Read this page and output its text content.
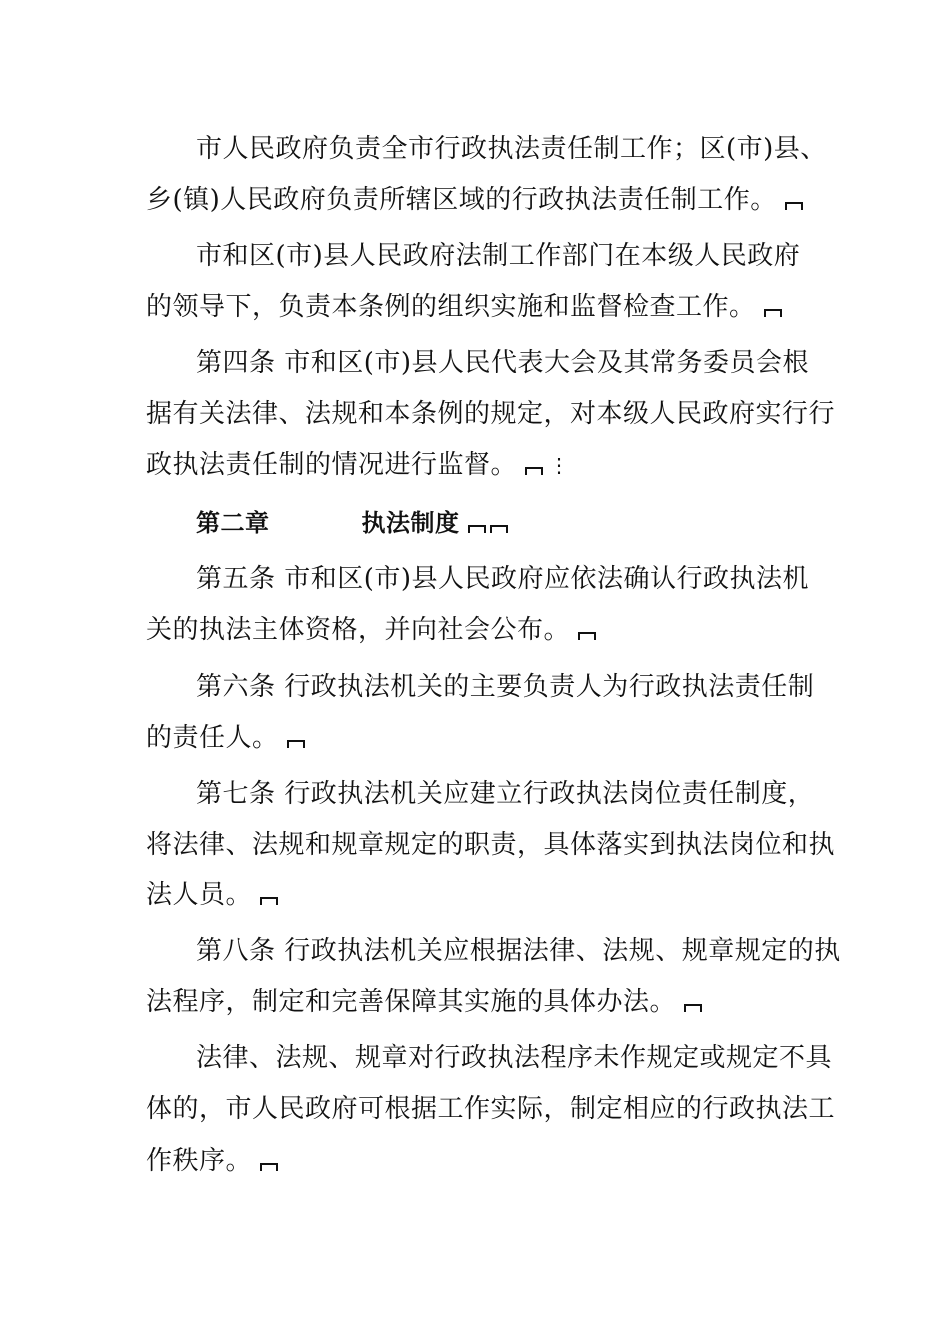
市人民政府负责全市行政执法责任制工作；区(市)县、
乡(镇)人民政府负责所辖区域的行政执法责任制工作。
市和区(市)县人民政府法制工作部门在本级人民政府
的领导下，负责本条例的组织实施和监督检查工作。
第四条 市和区(市)县人民代表大会及其常务委员会根
据有关法律、法规和本条例的规定，对本级人民政府实行行
政执法责任制的情况进行监督。 ⋮
第二章	执法制度
第五条 市和区(市)县人民政府应依法确认行政执法机
关的执法主体资格，并向社会公布。
第六条 行政执法机关的主要负责人为行政执法责任制
的责任人。
第七条 行政执法机关应建立行政执法岗位责任制度，
将法律、法规和规章规定的职责，具体落实到执法岗位和执
法人员。
第八条 行政执法机关应根据法律、法规、规章规定的执
法程序，制定和完善保障其实施的具体办法。
法律、法规、规章对行政执法程序未作规定或规定不具
体的，市人民政府可根据工作实际，制定相应的行政执法工
作秩序。
